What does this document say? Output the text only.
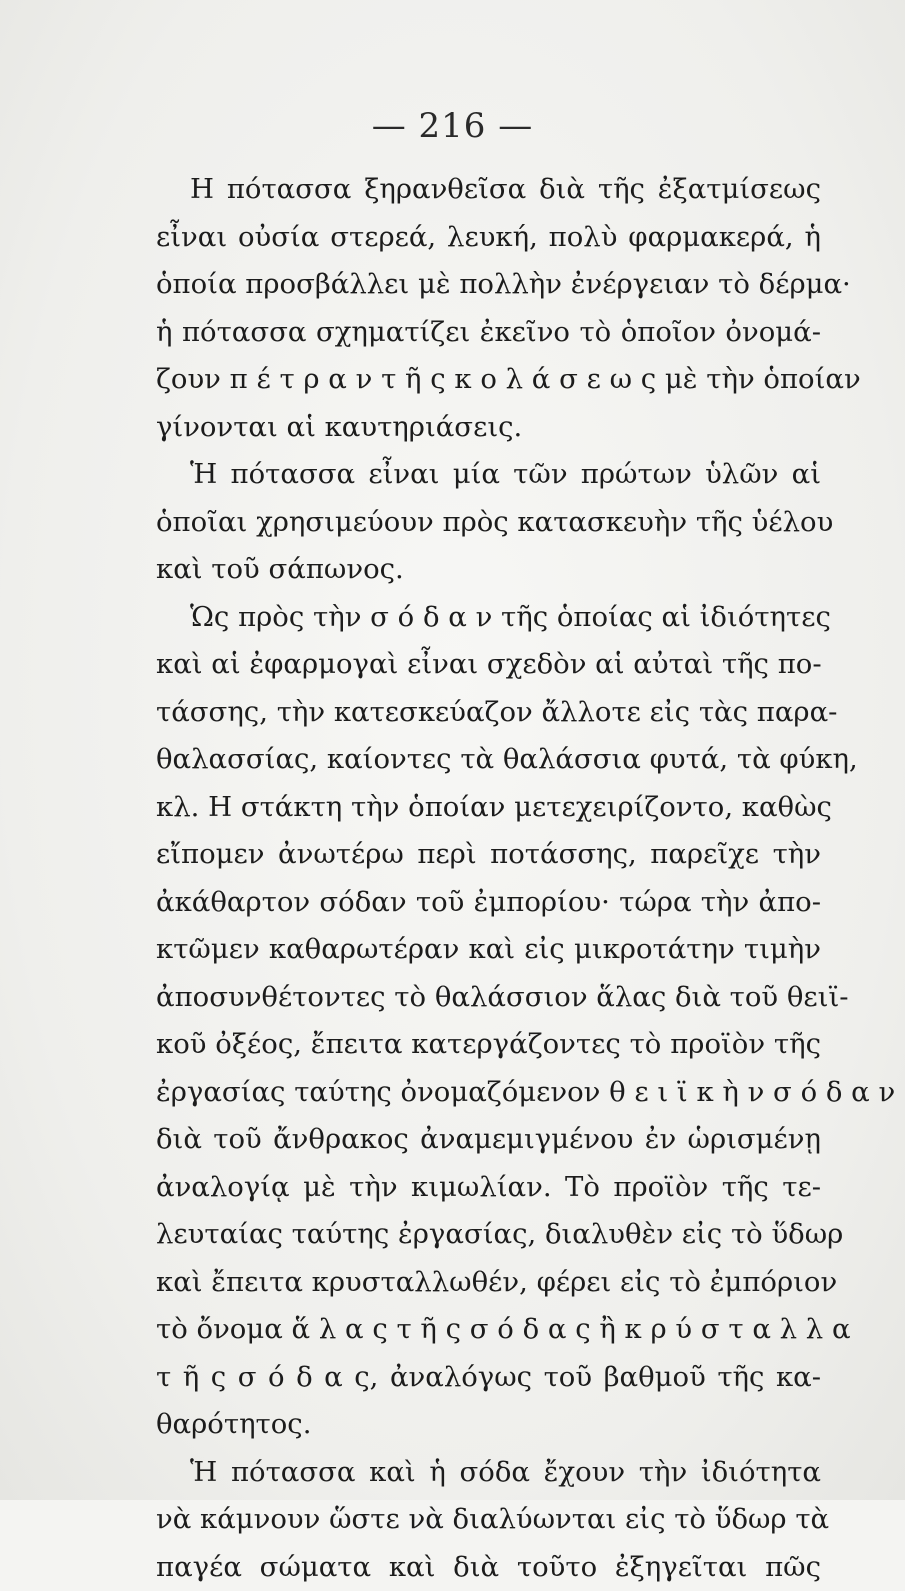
— 216 —
Η πότασσα ξηρανθεῖσα διὰ τῆς ἐξατμίσεως
εἶναι οὐσία στερεά, λευκή, πολὺ φαρμακερά, ἡ
ὁποία προσβάλλει μὲ πολλὴν ἐνέργειαν τὸ δέρμα·
ἡ πότασσα σχηματίζει ἐκεῖνο τὸ ὁποῖον ὀνομά-
ζουν π έ τ ρ α ν τ ῆ ς κ ο λ ά σ ε ω ς μὲ τὴν ὁποίαν
γίνονται αἱ καυτηριάσεις.
Ἡ πότασσα εἶναι μία τῶν πρώτων ὑλῶν αἱ
ὁποῖαι χρησιμεύουν πρὸς κατασκευὴν τῆς ὑέλου
καὶ τοῦ σάπωνος.
Ὡς πρὸς τὴν σ ό δ α ν τῆς ὁποίας αἱ ἰδιότητες
καὶ αἱ ἐφαρμογαὶ εἶναι σχεδὸν αἱ αὐταὶ τῆς πο-
τάσσης, τὴν κατεσκεύαζον ἄλλοτε εἰς τὰς παρα-
θαλασσίας, καίοντες τὰ θαλάσσια φυτά, τὰ φύκη,
κλ. Η στάκτη τὴν ὁποίαν μετεχειρίζοντο, καθὼς
εἴπομεν ἀνωτέρω περὶ ποτάσσης, παρεῖχε τὴν
ἀκάθαρτον σόδαν τοῦ ἐμπορίου· τώρα τὴν ἀπο-
κτῶμεν καθαρωτέραν καὶ εἰς μικροτάτην τιμὴν
ἀποσυνθέτοντες τὸ θαλάσσιον ἅλας διὰ τοῦ θειϊ-
κοῦ ὀξέος, ἔπειτα κατεργάζοντες τὸ προϊὸν τῆς
ἐργασίας ταύτης ὀνομαζόμενον θ ε ι ϊ κ ὴ ν σ ό δ α ν
διὰ τοῦ ἄνθρακος ἀναμεμιγμένου ἐν ὡρισμένῃ
ἀναλογίᾳ μὲ τὴν κιμωλίαν. Τὸ προϊὸν τῆς τε-
λευταίας ταύτης ἐργασίας, διαλυθὲν εἰς τὸ ὕδωρ
καὶ ἔπειτα κρυσταλλωθέν, φέρει εἰς τὸ ἐμπόριον
τὸ ὄνομα ἅ λ α ς τ ῆ ς σ ό δ α ς ἢ κ ρ ύ σ τ α λ λ α
τ ῆ ς σ ό δ α ς, ἀναλόγως τοῦ βαθμοῦ τῆς κα-
θαρότητος.
Ἡ πότασσα καὶ ἡ σόδα ἔχουν τὴν ἰδιότητα
νὰ κάμνουν ὥστε νὰ διαλύωνται εἰς τὸ ὕδωρ τὰ
παγέα σώματα καὶ διὰ τοῦτο ἐξηγεῖται πῶς
